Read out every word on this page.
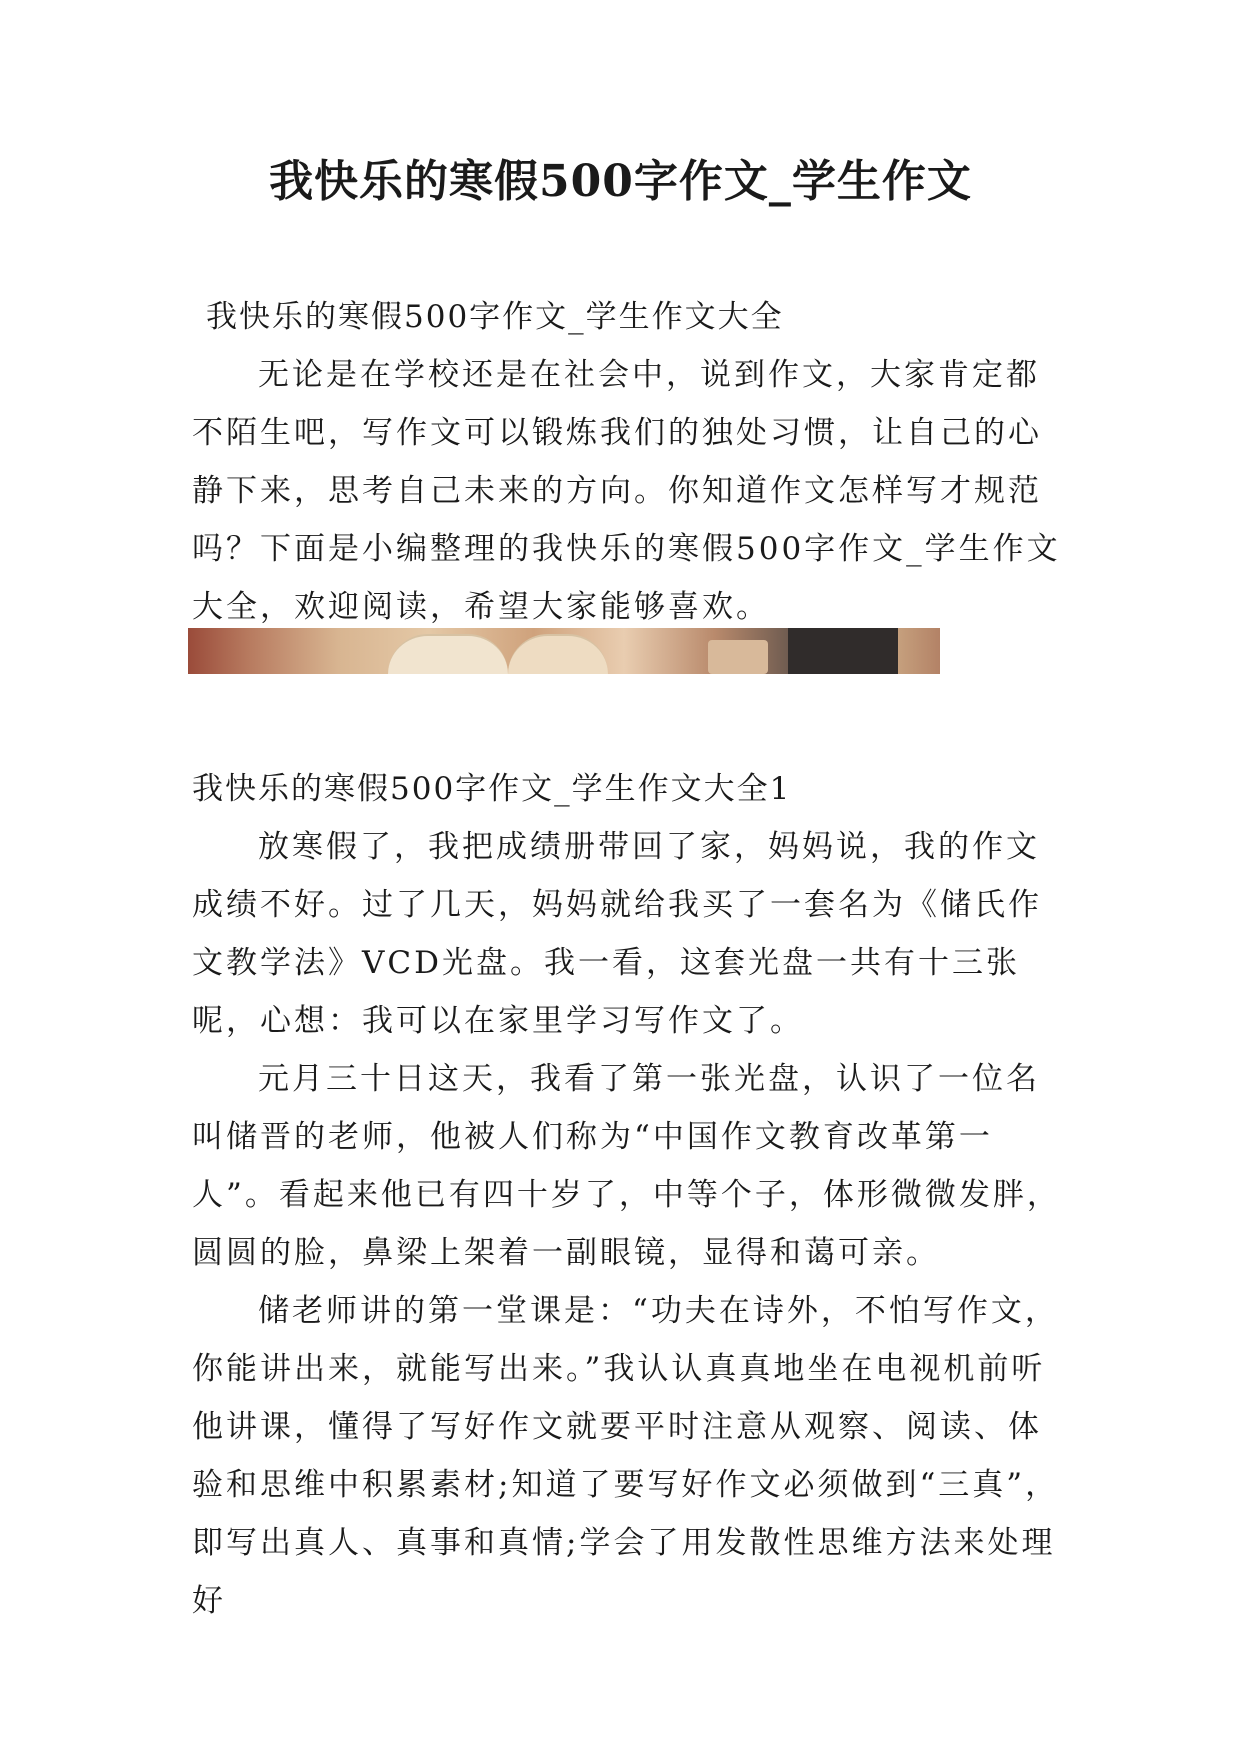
我快乐的寒假500字作文_学生作文

我快乐的寒假500字作文_学生作文大全

无论是在学校还是在社会中，说到作文，大家肯定都不陌生吧，写作文可以锻炼我们的独处习惯，让自己的心静下来，思考自己未来的方向。你知道作文怎样写才规范吗？下面是小编整理的我快乐的寒假500字作文_学生作文大全，欢迎阅读，希望大家能够喜欢。

我快乐的寒假500字作文_学生作文大全1

放寒假了，我把成绩册带回了家，妈妈说，我的作文成绩不好。过了几天，妈妈就给我买了一套名为《储氏作文教学法》VCD光盘。我一看，这套光盘一共有十三张呢，心想：我可以在家里学习写作文了。

元月三十日这天，我看了第一张光盘，认识了一位名叫储晋的老师，他被人们称为“中国作文教育改革第一人”。看起来他已有四十岁了，中等个子，体形微微发胖，圆圆的脸，鼻梁上架着一副眼镜，显得和蔼可亲。

储老师讲的第一堂课是：“功夫在诗外，不怕写作文，你能讲出来，就能写出来。”我认认真真地坐在电视机前听他讲课，懂得了写好作文就要平时注意从观察、阅读、体验和思维中积累素材;知道了要写好作文必须做到“三真”，即写出真人、真事和真情;学会了用发散性思维方法来处理好
